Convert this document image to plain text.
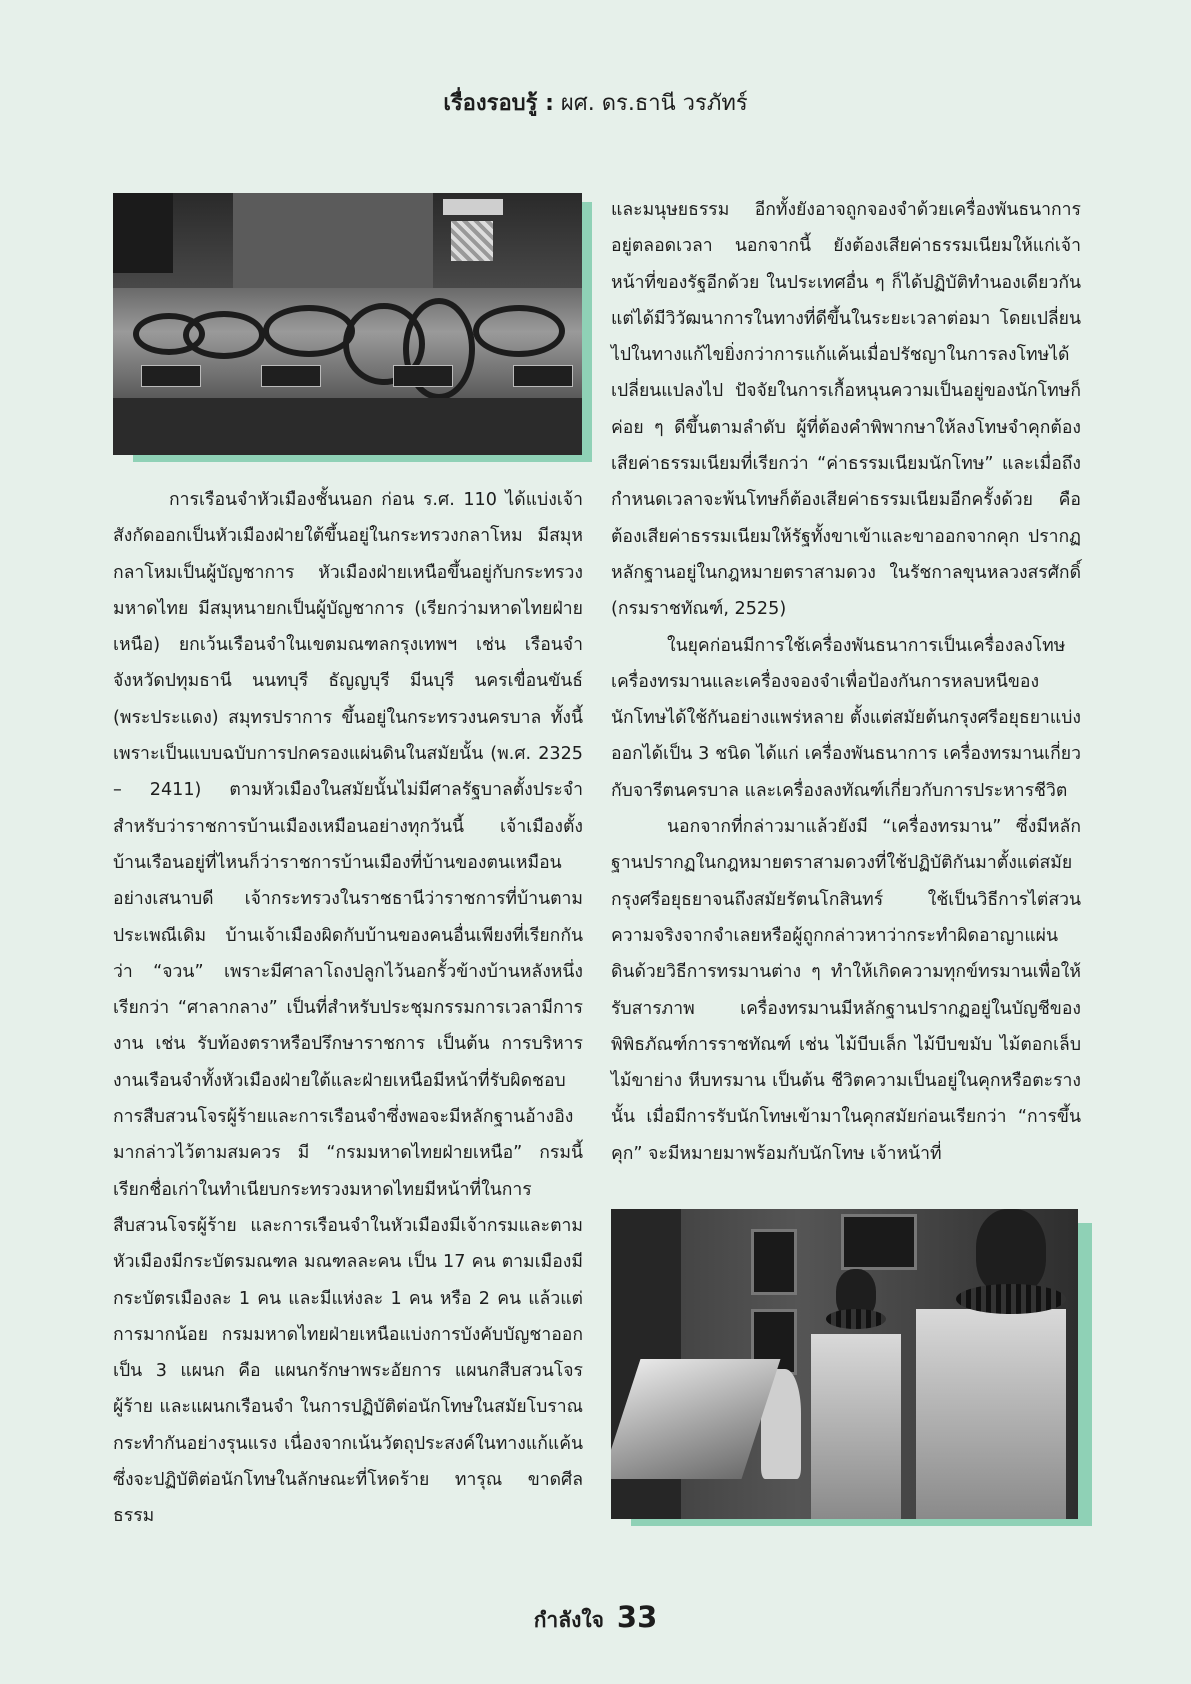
เรื่องรอบรู้ : ผศ. ดร.ธานี วรภัทร์

การเรือนจำหัวเมืองชั้นนอก ก่อน ร.ศ. 110 ได้แบ่งเจ้าสังกัดออกเป็นหัวเมืองฝ่ายใต้ขึ้นอยู่ในกระทรวงกลาโหม มีสมุหกลาโหมเป็นผู้บัญชาการ หัวเมืองฝ่ายเหนือขึ้นอยู่กับกระทรวงมหาดไทย มีสมุหนายกเป็นผู้บัญชาการ (เรียกว่ามหาดไทยฝ่ายเหนือ) ยกเว้นเรือนจำในเขตมณฑลกรุงเทพฯ เช่น เรือนจำจังหวัดปทุมธานี นนทบุรี ธัญญบุรี มีนบุรี นครเขื่อนขันธ์ (พระประแดง) สมุทรปราการ ขึ้นอยู่ในกระทรวงนครบาล ทั้งนี้ เพราะเป็นแบบฉบับการปกครองแผ่นดินในสมัยนั้น (พ.ศ. 2325 – 2411) ตามหัวเมืองในสมัยนั้นไม่มีศาลรัฐบาลตั้งประจำสำหรับว่าราชการบ้านเมืองเหมือนอย่างทุกวันนี้ เจ้าเมืองตั้งบ้านเรือนอยู่ที่ไหนก็ว่าราชการบ้านเมืองที่บ้านของตนเหมือนอย่างเสนาบดี เจ้ากระทรวงในราชธานีว่าราชการที่บ้านตามประเพณีเดิม บ้านเจ้าเมืองผิดกับบ้านของคนอื่นเพียงที่เรียกกันว่า “จวน” เพราะมีศาลาโถงปลูกไว้นอกรั้วข้างบ้านหลังหนึ่งเรียกว่า “ศาลากลาง” เป็นที่สำหรับประชุมกรรมการเวลามีการงาน เช่น รับท้องตราหรือปรึกษาราชการ เป็นต้น การบริหารงานเรือนจำทั้งหัวเมืองฝ่ายใต้และฝ่ายเหนือมีหน้าที่รับผิดชอบการสืบสวนโจรผู้ร้ายและการเรือนจำซึ่งพอจะมีหลักฐานอ้างอิงมากล่าวไว้ตามสมควร มี “กรมมหาดไทยฝ่ายเหนือ” กรมนี้เรียกชื่อเก่าในทำเนียบกระทรวงมหาดไทยมีหน้าที่ในการสืบสวนโจรผู้ร้าย และการเรือนจำในหัวเมืองมีเจ้ากรมและตามหัวเมืองมีกระบัตรมณฑล มณฑลละคน เป็น 17 คน ตามเมืองมีกระบัตรเมืองละ 1 คน และมีแห่งละ 1 คน หรือ 2 คน แล้วแต่การมากน้อย กรมมหาดไทยฝ่ายเหนือแบ่งการบังคับบัญชาออกเป็น 3 แผนก คือ แผนกรักษาพระอัยการ แผนกสืบสวนโจรผู้ร้าย และแผนกเรือนจำ ในการปฏิบัติต่อนักโทษในสมัยโบราณกระทำกันอย่างรุนแรง เนื่องจากเน้นวัตถุประสงค์ในทางแก้แค้น ซึ่งจะปฏิบัติต่อนักโทษในลักษณะที่โหดร้าย ทารุณ ขาดศีลธรรม

และมนุษยธรรม อีกทั้งยังอาจถูกจองจำด้วยเครื่องพันธนาการอยู่ตลอดเวลา นอกจากนี้ ยังต้องเสียค่าธรรมเนียมให้แก่เจ้าหน้าที่ของรัฐอีกด้วย ในประเทศอื่น ๆ ก็ได้ปฏิบัติทำนองเดียวกัน แต่ได้มีวิวัฒนาการในทางที่ดีขึ้นในระยะเวลาต่อมา โดยเปลี่ยนไปในทางแก้ไขยิ่งกว่าการแก้แค้นเมื่อปรัชญาในการลงโทษได้เปลี่ยนแปลงไป ปัจจัยในการเกื้อหนุนความเป็นอยู่ของนักโทษก็ค่อย ๆ ดีขึ้นตามลำดับ ผู้ที่ต้องคำพิพากษาให้ลงโทษจำคุกต้องเสียค่าธรรมเนียมที่เรียกว่า “ค่าธรรมเนียมนักโทษ” และเมื่อถึงกำหนดเวลาจะพ้นโทษก็ต้องเสียค่าธรรมเนียมอีกครั้งด้วย คือต้องเสียค่าธรรมเนียมให้รัฐทั้งขาเข้าและขาออกจากคุก ปรากฏหลักฐานอยู่ในกฎหมายตราสามดวง ในรัชกาลขุนหลวงสรศักดิ์ (กรมราชทัณฑ์, 2525)

ในยุคก่อนมีการใช้เครื่องพันธนาการเป็นเครื่องลงโทษเครื่องทรมานและเครื่องจองจำเพื่อป้องกันการหลบหนีของนักโทษได้ใช้กันอย่างแพร่หลาย ตั้งแต่สมัยต้นกรุงศรีอยุธยาแบ่งออกได้เป็น 3 ชนิด ได้แก่ เครื่องพันธนาการ เครื่องทรมานเกี่ยวกับจารีตนครบาล และเครื่องลงทัณฑ์เกี่ยวกับการประหารชีวิต

นอกจากที่กล่าวมาแล้วยังมี “เครื่องทรมาน” ซึ่งมีหลักฐานปรากฏในกฎหมายตราสามดวงที่ใช้ปฏิบัติกันมาตั้งแต่สมัยกรุงศรีอยุธยาจนถึงสมัยรัตนโกสินทร์ ใช้เป็นวิธีการไต่สวนความจริงจากจำเลยหรือผู้ถูกกล่าวหาว่ากระทำผิดอาญาแผ่นดินด้วยวิธีการทรมานต่าง ๆ ทำให้เกิดความทุกข์ทรมานเพื่อให้รับสารภาพ เครื่องทรมานมีหลักฐานปรากฏอยู่ในบัญชีของพิพิธภัณฑ์การราชทัณฑ์ เช่น ไม้บีบเล็ก ไม้บีบขมับ ไม้ตอกเล็บ ไม้ขาย่าง หีบทรมาน เป็นต้น ชีวิตความเป็นอยู่ในคุกหรือตะรางนั้น เมื่อมีการรับนักโทษเข้ามาในคุกสมัยก่อนเรียกว่า “การขึ้นคุก” จะมีหมายมาพร้อมกับนักโทษ เจ้าหน้าที่

กำลังใจ 33
